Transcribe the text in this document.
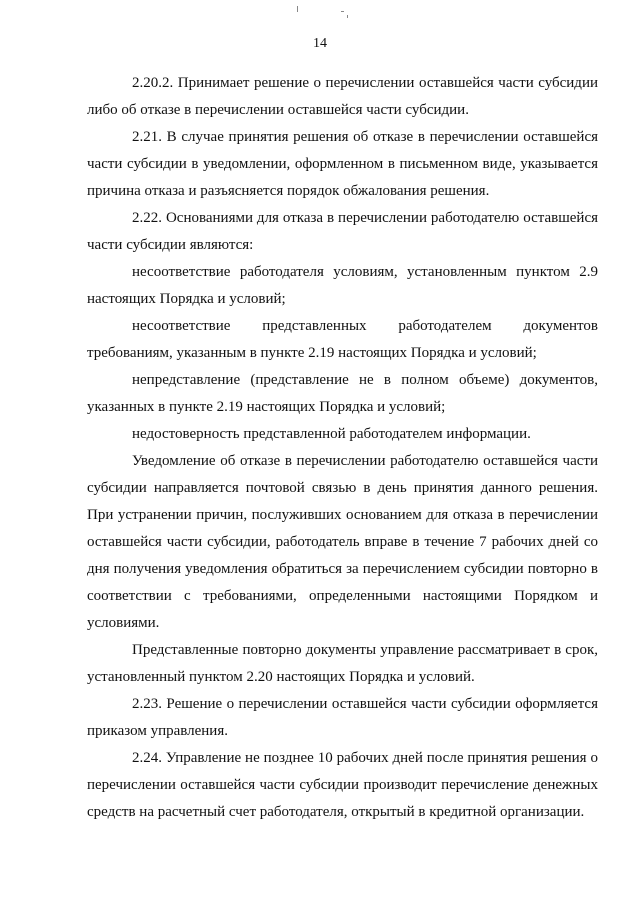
14

2.20.2. Принимает решение о перечислении оставшейся части субсидии либо об отказе в перечислении оставшейся части субсидии.

2.21. В случае принятия решения об отказе в перечислении оставшейся части субсидии в уведомлении, оформленном в письменном виде, указывается причина отказа и разъясняется порядок обжалования решения.

2.22. Основаниями для отказа в перечислении работодателю оставшейся части субсидии являются:

несоответствие работодателя условиям, установленным пунктом 2.9 настоящих Порядка и условий;

несоответствие представленных работодателем документов требованиям, указанным в пункте 2.19 настоящих Порядка и условий;

непредставление (представление не в полном объеме) документов, указанных в пункте 2.19 настоящих Порядка и условий;

недостоверность представленной работодателем информации.

Уведомление об отказе в перечислении работодателю оставшейся части субсидии направляется почтовой связью в день принятия данного решения. При устранении причин, послуживших основанием для отказа в перечислении оставшейся части субсидии, работодатель вправе в течение 7 рабочих дней со дня получения уведомления обратиться за перечислением субсидии повторно в соответствии с требованиями, определенными настоящими Порядком и условиями.

Представленные повторно документы управление рассматривает в срок, установленный пунктом 2.20 настоящих Порядка и условий.

2.23. Решение о перечислении оставшейся части субсидии оформляется приказом управления.

2.24. Управление не позднее 10 рабочих дней после принятия решения о перечислении оставшейся части субсидии производит перечисление денежных средств на расчетный счет работодателя, открытый в кредитной организации.
